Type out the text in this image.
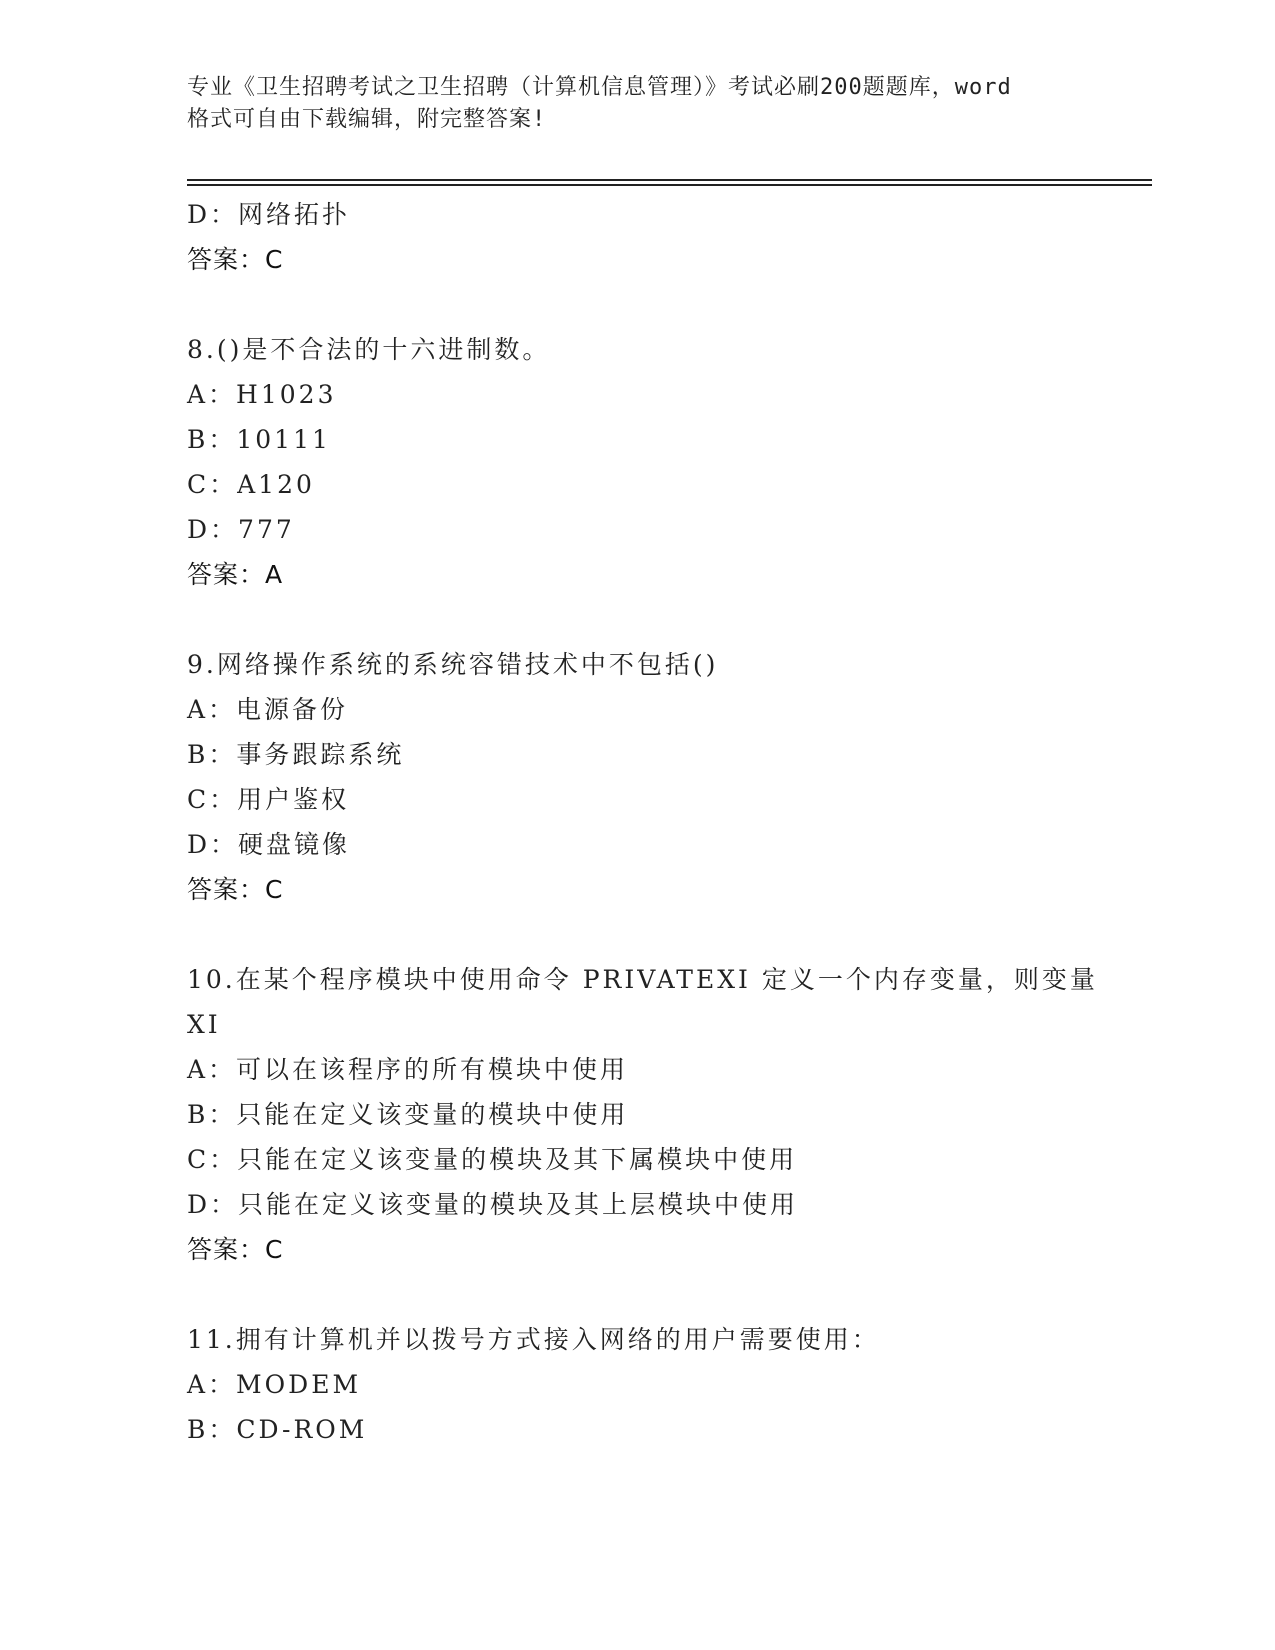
专业《卫生招聘考试之卫生招聘（计算机信息管理）》考试必刷200题题库，word
格式可自由下载编辑，附完整答案!
D：网络拓扑
答案：C
8.()是不合法的十六进制数。
A：H1023
B：10111
C：A120
D：777
答案：A
9.网络操作系统的系统容错技术中不包括()
A：电源备份
B：事务跟踪系统
C：用户鉴权
D：硬盘镜像
答案：C
10.在某个程序模块中使用命令 PRIVATEXI 定义一个内存变量，则变量
XI
A：可以在该程序的所有模块中使用
B：只能在定义该变量的模块中使用
C：只能在定义该变量的模块及其下属模块中使用
D：只能在定义该变量的模块及其上层模块中使用
答案：C
11.拥有计算机并以拨号方式接入网络的用户需要使用：
A：MODEM
B：CD-ROM
